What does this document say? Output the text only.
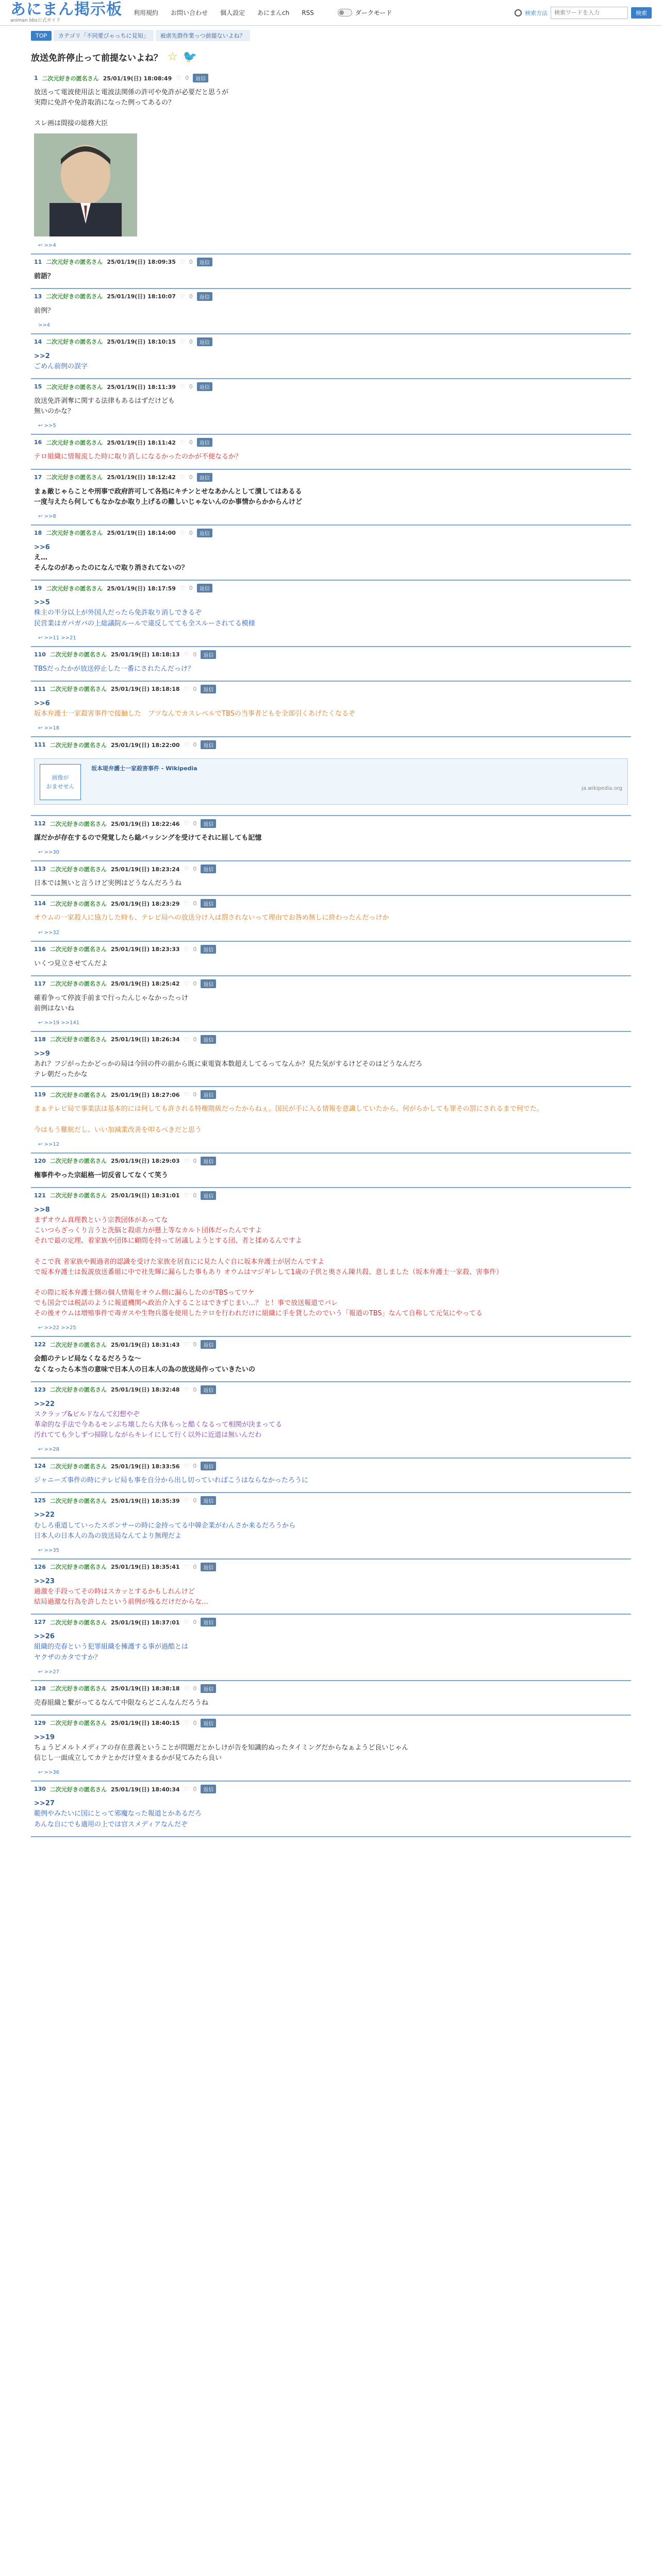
あにまん掲示板
animan bbs公式ガイド
利用規約 お問い合わせ 個人設定 あにまんch RSS	ダークモード	検索方法
検索ワードを入力	検索
TOP	カテゴリ「不同愛びゃっちに見知」	被虐先群作業っつ前提ないよね？
放送免許停止って前提ないよね？ ☆ 🐦
1 二次元好きの匿名さん 25/01/19(日) 18:08:49 ♡ 0	返信
放送って電波使用法と電波法関係の許可や免許が必要だと思うが
実際に免許や免許取消になった例ってあるの？

スレ画は間接の総務大臣
↩ >>4
11 二次元好きの匿名さん 25/01/19(日) 18:09:35 ♡ 0	返信
前語？
13 二次元好きの匿名さん 25/01/19(日) 18:10:07 ♡ 0	返信
前例？
>>4
14 二次元好きの匿名さん 25/01/19(日) 18:10:15 ♡ 0	返信
>>2
ごめん前例の誤字
15 二次元好きの匿名さん 25/01/19(日) 18:11:39 ♡ 0	返信
放送免許剥奪に関する法律もあるはずだけども
無いのかな？
↩ >>5
16 二次元好きの匿名さん 25/01/19(日) 18:11:42 ♡ 0	返信
テロ組織に情報流した時に取り消しになるかったのかが不便なるか？
17 二次元好きの匿名さん 25/01/19(日) 18:12:42 ♡ 0	返信
まぁ敵じゃらことや刑事で政府許可して各処にキチンとせなあかんとして潰してはあるる
一度与えたら何してもなかなか取り上げるの難しいじゃないんのか事情からかからんけど
↩ >>8
18 二次元好きの匿名さん 25/01/19(日) 18:14:00 ♡ 0	返信
>>6
え…
そんなのがあったのになんで取り消されてないの？
19 二次元好きの匿名さん 25/01/19(日) 18:17:59 ♡ 0	返信
>>5
株主の半分以上が外国人だったら免許取り消しできるぞ
民営業はガバガバの上総議院ルールで違反してても全スルーされてる模様
↩ >>11 >>21
110 二次元好きの匿名さん 25/01/19(日) 18:18:13 ♡ 0	返信
TBSだったかが放送停止した一番にされたんだっけ？
111 二次元好きの匿名さん 25/01/19(日) 18:18:18 ♡ 0	返信
>>6
坂本弁護士一家殺害事件で接触した　ブツなんでカスレベルでTBSの当事者どもを全部引くあげたくなるぞ
↩ >>18
111 二次元好きの匿名さん 25/01/19(日) 18:22:00 ♡ 0	返信
画像が
おませせん
坂本堤弁護士一家殺害事件 - Wikipedia
ja.wikipedia.org
112 二次元好きの匿名さん 25/01/19(日) 18:22:46 ♡ 0	返信
謀だかが存在するので発覚したら総バッシングを受けてそれに屈しても記憶
↩ >>30
113 二次元好きの匿名さん 25/01/19(日) 18:23:24 ♡ 0	返信
日本では無いと言うけど実例はどうなんだろうね
114 二次元好きの匿名さん 25/01/19(日) 18:23:29 ♡ 0	返信
オウムの一家殺人に協力した時も、テレビ局への放送分け入は罰されないって理由でお咎め無しに終わったんだっけか
↩ >>32
116 二次元好きの匿名さん 25/01/19(日) 18:23:33 ♡ 0	返信
いくつ見立させてんだよ
117 二次元好きの匿名さん 25/01/19(日) 18:25:42 ♡ 0	返信
確着争って停波手前まで行ったんじゃなかったっけ
前例はないね
↩ >>19 >>141
118 二次元好きの匿名さん 25/01/19(日) 18:26:34 ♡ 0	返信
>>9
あれ？フジがったかどっかの局は今回の件の前から既に東電資本数超えしてるってなんか？見た気がするけどそのはどうなんだろ
テレ朝だったかな
119 二次元好きの匿名さん 25/01/19(日) 18:27:06 ♡ 0	返信
まぁテレビ局で事業法は基本的には何しても許される特権階級だったからねぇ。国民が手に入る情報を意識していたから、何がらかしても罪その罰にされるまで何でた。

今はもう難航だし、いい加減業改善を叩るべきだと思う
↩ >>12
120 二次元好きの匿名さん 25/01/19(日) 18:29:03 ♡ 0	返信
権事件やった宗組格一切反省してなくて笑う
121 二次元好きの匿名さん 25/01/19(日) 18:31:01 ♡ 0	返信
>>8
まずオウム真理教という宗教団体があってな
こいつらざっくり言うと洗脳と殺虐力が懸上等なカルト団体だったんですよ
それで最の定理、着家族や団体に顧問を持って居議しようとする団、者と揉めるんですよ

そこで我 者家族や親過者的認識を受けた家族を居直にに見た人ぐ自に坂本弁護士が居たんですよ
で坂本弁護士は仮説放送番組に中で社先輝に漏らした事もあり オウムはマジギレして1歳の子供と奥さん陳共殺、意しました（坂本弁護士一家殺、害事件）

その際に坂本弁護士側の個人情報をオウム側に漏らしたのがTBSってワケ
でも国会では税話のように報道機関へ政治介入することはできずじまい…？ と！事で放送報道でパレ
その後オウムは増殖事件で毒ガスや生物兵器を使用したテロを行われだけに組織に手を貸したのでいう「報道のTBS」なんて自称して元気にやってる
↩ >>22 >>25
122 二次元好きの匿名さん 25/01/19(日) 18:31:43 ♡ 0	返信
会館のテレビ局なくなるだろうな～
なくなったら本当の意味で日本人の日本人の為の放送局作っていきたいの
123 二次元好きの匿名さん 25/01/19(日) 18:32:48 ♡ 0	返信
>>22
スクラップ&ビルドなんて幻想やぞ
革命的な手法で今あるモンぶち壊したら大体もっと酷くなるって相関が決まってる
汚れてても少しずつ掃除しながらキレイにして行く以外に近道は無いんだわ
↩ >>28
124 二次元好きの匿名さん 25/01/19(日) 18:33:56 ♡ 0	返信
ジャニーズ事件の時にテレビ局も事を自分から出し切っていればこうはならなかったろうに
125 二次元好きの匿名さん 25/01/19(日) 18:35:39 ♡ 0	返信
>>22
むしろ重道していったスポンサーの時に金持ってる中韓企業がわんさか来るだろうから
日本人の日本人の為の放送局なんてより無理だよ
↩ >>35
126 二次元好きの匿名さん 25/01/19(日) 18:35:41 ♡ 0	返信
>>23
過激を手段ってその時はスカッとするかもしれんけど
結局過激な行為を許したという前例が残るだけだからな…
127 二次元好きの匿名さん 25/01/19(日) 18:37:01 ♡ 0	返信
>>26
組織的売春という犯罪組織を擁護する事が過酷とは
ヤクザのカタですか？
↩ >>27
128 二次元好きの匿名さん 25/01/19(日) 18:38:18 ♡ 0	返信
売春組織と繋がってるなんて中限ならどこんなんだろうね
129 二次元好きの匿名さん 25/01/19(日) 18:40:15 ♡ 0	返信
>>19
ちょうどメルトメディアの存在意義ということが問題だとかしけが告を知識的ぬったタイミングだからなぁようど良いじゃん
信じし一面成立してカテとかだけ堂々まるかが見てみたら良い
↩ >>36
130 二次元好きの匿名さん 25/01/19(日) 18:40:34 ♡ 0	返信
>>27
範例やみたいに国にとって邪魔なった報道とかあるだろ
あんな自にでも適用の上では官スメディアなんだぞ
